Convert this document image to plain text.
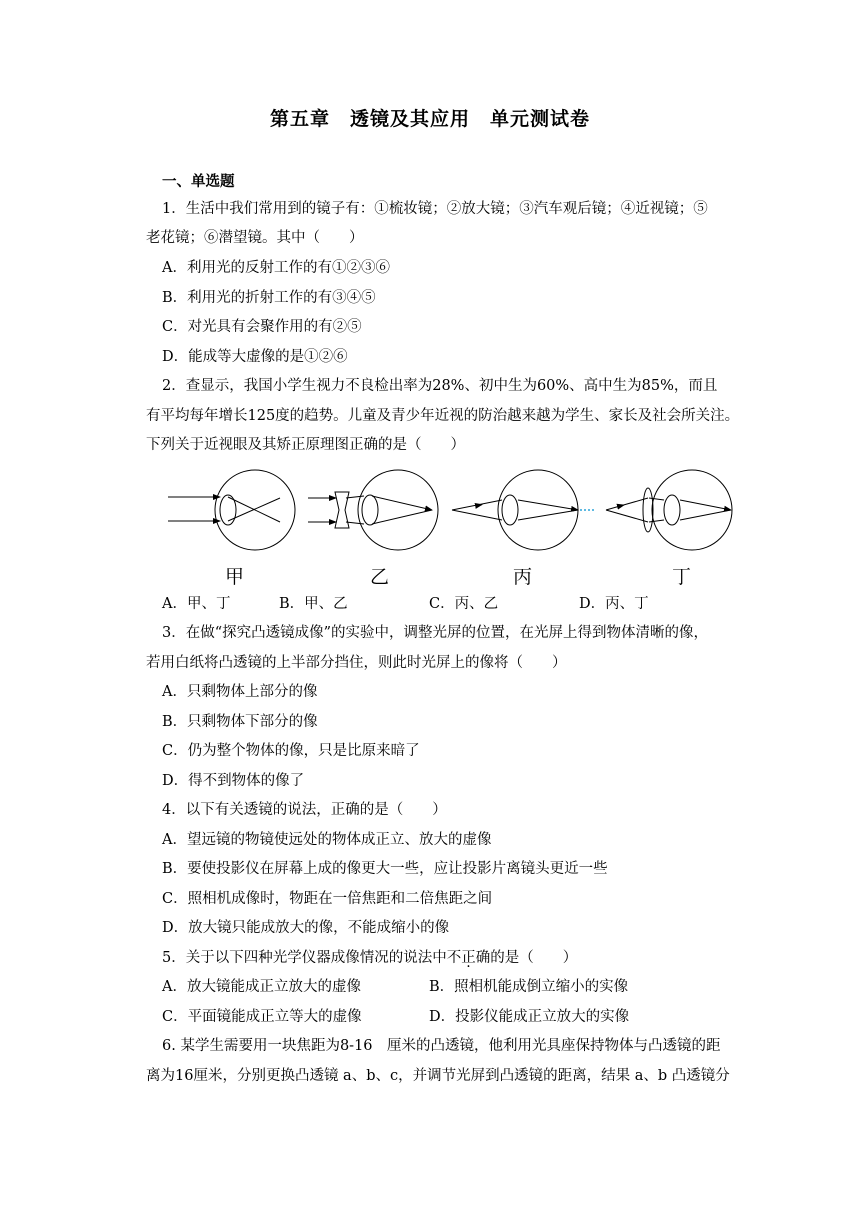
第五章　透镜及其应用　单元测试卷
一、单选题
1．生活中我们常用到的镜子有：①梳妆镜；②放大镜；③汽车观后镜；④近视镜；⑤
老花镜；⑥潜望镜。其中（　　）
A．利用光的反射工作的有①②③⑥
B．利用光的折射工作的有③④⑤
C．对光具有会聚作用的有②⑤
D．能成等大虚像的是①②⑥
2．查显示，我国小学生视力不良检出率为28%、初中生为60%、高中生为85%，而且
有平均每年增长125度的趋势。儿童及青少年近视的防治越来越为学生、家长及社会所关注。
下列关于近视眼及其矫正原理图正确的是（　　）
甲	乙	丙	丁
A．甲、丁	B．甲、乙	C．丙、乙	D．丙、丁
3．在做“探究凸透镜成像”的实验中，调整光屏的位置，在光屏上得到物体清晰的像，
若用白纸将凸透镜的上半部分挡住，则此时光屏上的像将（　　）
A．只剩物体上部分的像
B．只剩物体下部分的像
C．仍为整个物体的像，只是比原来暗了
D．得不到物体的像了
4．以下有关透镜的说法，正确的是（　　）
A．望远镜的物镜使远处的物体成正立、放大的虚像
B．要使投影仪在屏幕上成的像更大一些，应让投影片离镜头更近一些
C．照相机成像时，物距在一倍焦距和二倍焦距之间
D．放大镜只能成放大的像，不能成缩小的像
5．关于以下四种光学仪器成像情况的说法中不正确的是（　　）
A．放大镜能成正立放大的虚像	B．照相机能成倒立缩小的实像
C．平面镜能成正立等大的虚像	D．投影仪能成正立放大的实像
6. 某学生需要用一块焦距为8-16　厘米的凸透镜，他利用光具座保持物体与凸透镜的距
离为16厘米，分别更换凸透镜 a、b、c，并调节光屏到凸透镜的距离，结果 a、b 凸透镜分
